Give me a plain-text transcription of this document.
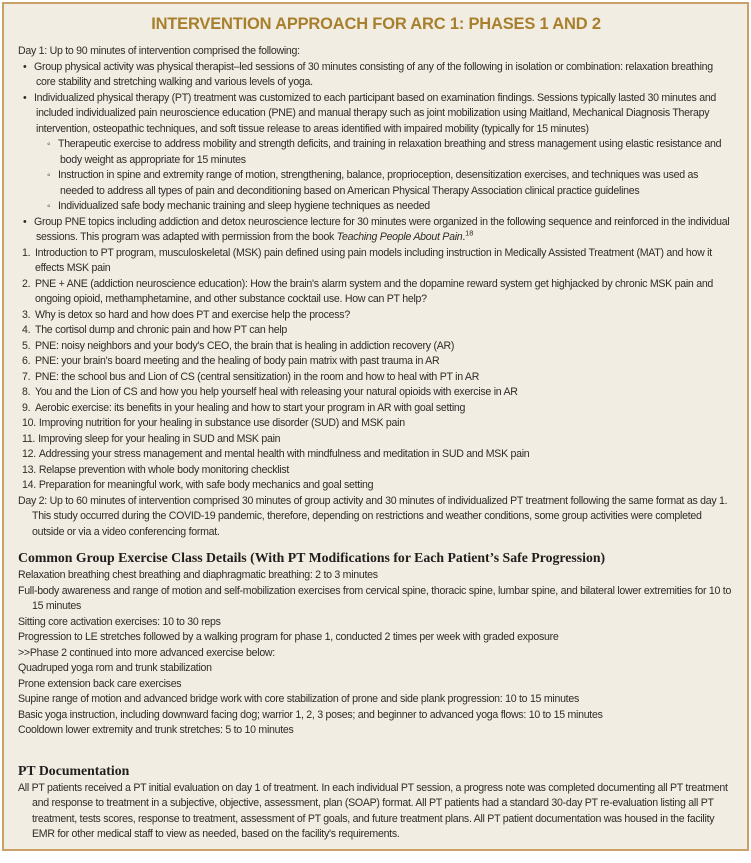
INTERVENTION APPROACH FOR ARC 1: PHASES 1 AND 2
Day 1: Up to 90 minutes of intervention comprised the following:
• Group physical activity was physical therapist–led sessions of 30 minutes consisting of any of the following in isolation or combination: relaxation breathing core stability and stretching walking and various levels of yoga.
• Individualized physical therapy (PT) treatment was customized to each participant based on examination findings. Sessions typically lasted 30 minutes and included individualized pain neuroscience education (PNE) and manual therapy such as joint mobilization using Maitland, Mechanical Diagnosis Therapy intervention, osteopathic techniques, and soft tissue release to areas identified with impaired mobility (typically for 15 minutes)
◦ Therapeutic exercise to address mobility and strength deficits, and training in relaxation breathing and stress management using elastic resistance and body weight as appropriate for 15 minutes
◦ Instruction in spine and extremity range of motion, strengthening, balance, proprioception, desensitization exercises, and techniques was used as needed to address all types of pain and deconditioning based on American Physical Therapy Association clinical practice guidelines
◦ Individualized safe body mechanic training and sleep hygiene techniques as needed
• Group PNE topics including addiction and detox neuroscience lecture for 30 minutes were organized in the following sequence and reinforced in the individual sessions. This program was adapted with permission from the book Teaching People About Pain.$^{18}$
1. Introduction to PT program, musculoskeletal (MSK) pain defined using pain models including instruction in Medically Assisted Treatment (MAT) and how it effects MSK pain
2. PNE + ANE (addiction neuroscience education): How the brain's alarm system and the dopamine reward system get highjacked by chronic MSK pain and ongoing opioid, methamphetamine, and other substance cocktail use. How can PT help?
3. Why is detox so hard and how does PT and exercise help the process?
4. The cortisol dump and chronic pain and how PT can help
5. PNE: noisy neighbors and your body's CEO, the brain that is healing in addiction recovery (AR)
6. PNE: your brain's board meeting and the healing of body pain matrix with past trauma in AR
7. PNE: the school bus and Lion of CS (central sensitization) in the room and how to heal with PT in AR
8. You and the Lion of CS and how you help yourself heal with releasing your natural opioids with exercise in AR
9. Aerobic exercise: its benefits in your healing and how to start your program in AR with goal setting
10. Improving nutrition for your healing in substance use disorder (SUD) and MSK pain
11. Improving sleep for your healing in SUD and MSK pain
12. Addressing your stress management and mental health with mindfulness and meditation in SUD and MSK pain
13. Relapse prevention with whole body monitoring checklist
14. Preparation for meaningful work, with safe body mechanics and goal setting
Day 2: Up to 60 minutes of intervention comprised 30 minutes of group activity and 30 minutes of individualized PT treatment following the same format as day 1. This study occurred during the COVID-19 pandemic, therefore, depending on restrictions and weather conditions, some group activities were completed outside or via a video conferencing format.
Common Group Exercise Class Details (With PT Modifications for Each Patient’s Safe Progression)
Relaxation breathing chest breathing and diaphragmatic breathing: 2 to 3 minutes
Full-body awareness and range of motion and self-mobilization exercises from cervical spine, thoracic spine, lumbar spine, and bilateral lower extremities for 10 to 15 minutes
Sitting core activation exercises: 10 to 30 reps
Progression to LE stretches followed by a walking program for phase 1, conducted 2 times per week with graded exposure
>>Phase 2 continued into more advanced exercise below:
Quadruped yoga rom and trunk stabilization
Prone extension back care exercises
Supine range of motion and advanced bridge work with core stabilization of prone and side plank progression: 10 to 15 minutes
Basic yoga instruction, including downward facing dog; warrior 1, 2, 3 poses; and beginner to advanced yoga flows: 10 to 15 minutes
Cooldown lower extremity and trunk stretches: 5 to 10 minutes
PT Documentation
All PT patients received a PT initial evaluation on day 1 of treatment. In each individual PT session, a progress note was completed documenting all PT treatment and response to treatment in a subjective, objective, assessment, plan (SOAP) format. All PT patients had a standard 30-day PT re-evaluation listing all PT treatment, tests scores, response to treatment, assessment of PT goals, and future treatment plans. All PT patient documentation was housed in the facility EMR for other medical staff to view as needed, based on the facility's requirements.
